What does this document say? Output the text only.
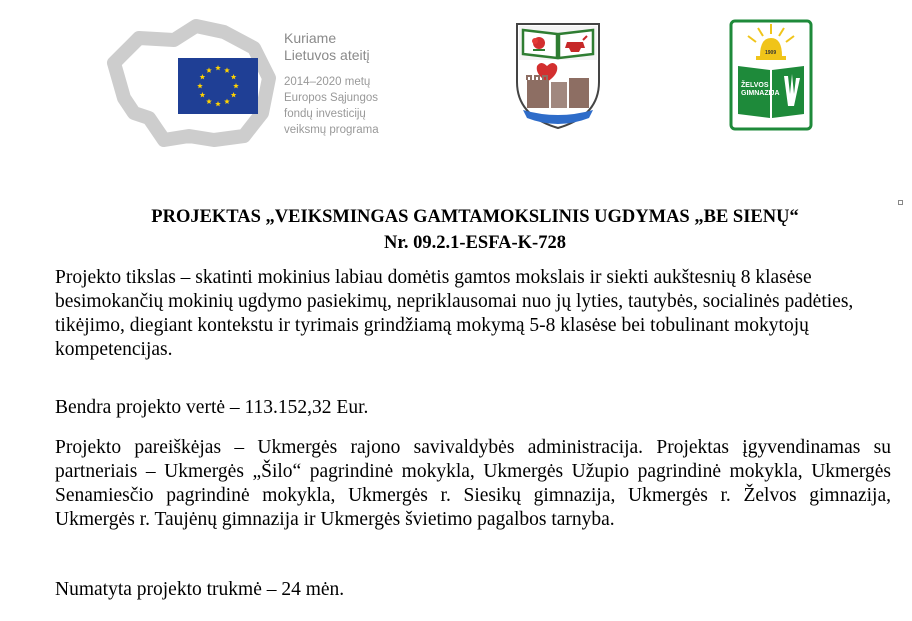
Kuriame
Lietuvos ateitį
2014–2020 metų
Europos Sąjungos
fondų investicijų
veiksmų programa
1909
ŽELVOS
GIMNAZIJA
PROJEKTAS „VEIKSMINGAS GAMTAMOKSLINIS UGDYMAS „BE SIENŲ“
Nr. 09.2.1-ESFA-K-728

Projekto tikslas – skatinti mokinius labiau domėtis gamtos mokslais ir siekti aukštesnių 8 klasėse besimokančių mokinių ugdymo pasiekimų, nepriklausomai nuo jų lyties, tautybės, socialinės padėties, tikėjimo, diegiant kontekstu ir tyrimais grindžiamą mokymą 5-8 klasėse bei tobulinant mokytojų kompetencijas.

Bendra projekto vertė – 113.152,32 Eur.

Projekto pareiškėjas – Ukmergės rajono savivaldybės administracija. Projektas įgyvendinamas su partneriais – Ukmergės „Šilo“ pagrindinė mokykla, Ukmergės Užupio pagrindinė mokykla, Ukmergės Senamiesčio pagrindinė mokykla, Ukmergės r. Siesikų gimnazija, Ukmergės r. Želvos gimnazija, Ukmergės r. Taujėnų gimnazija ir Ukmergės švietimo pagalbos tarnyba.

Numatyta projekto trukmė – 24 mėn.
